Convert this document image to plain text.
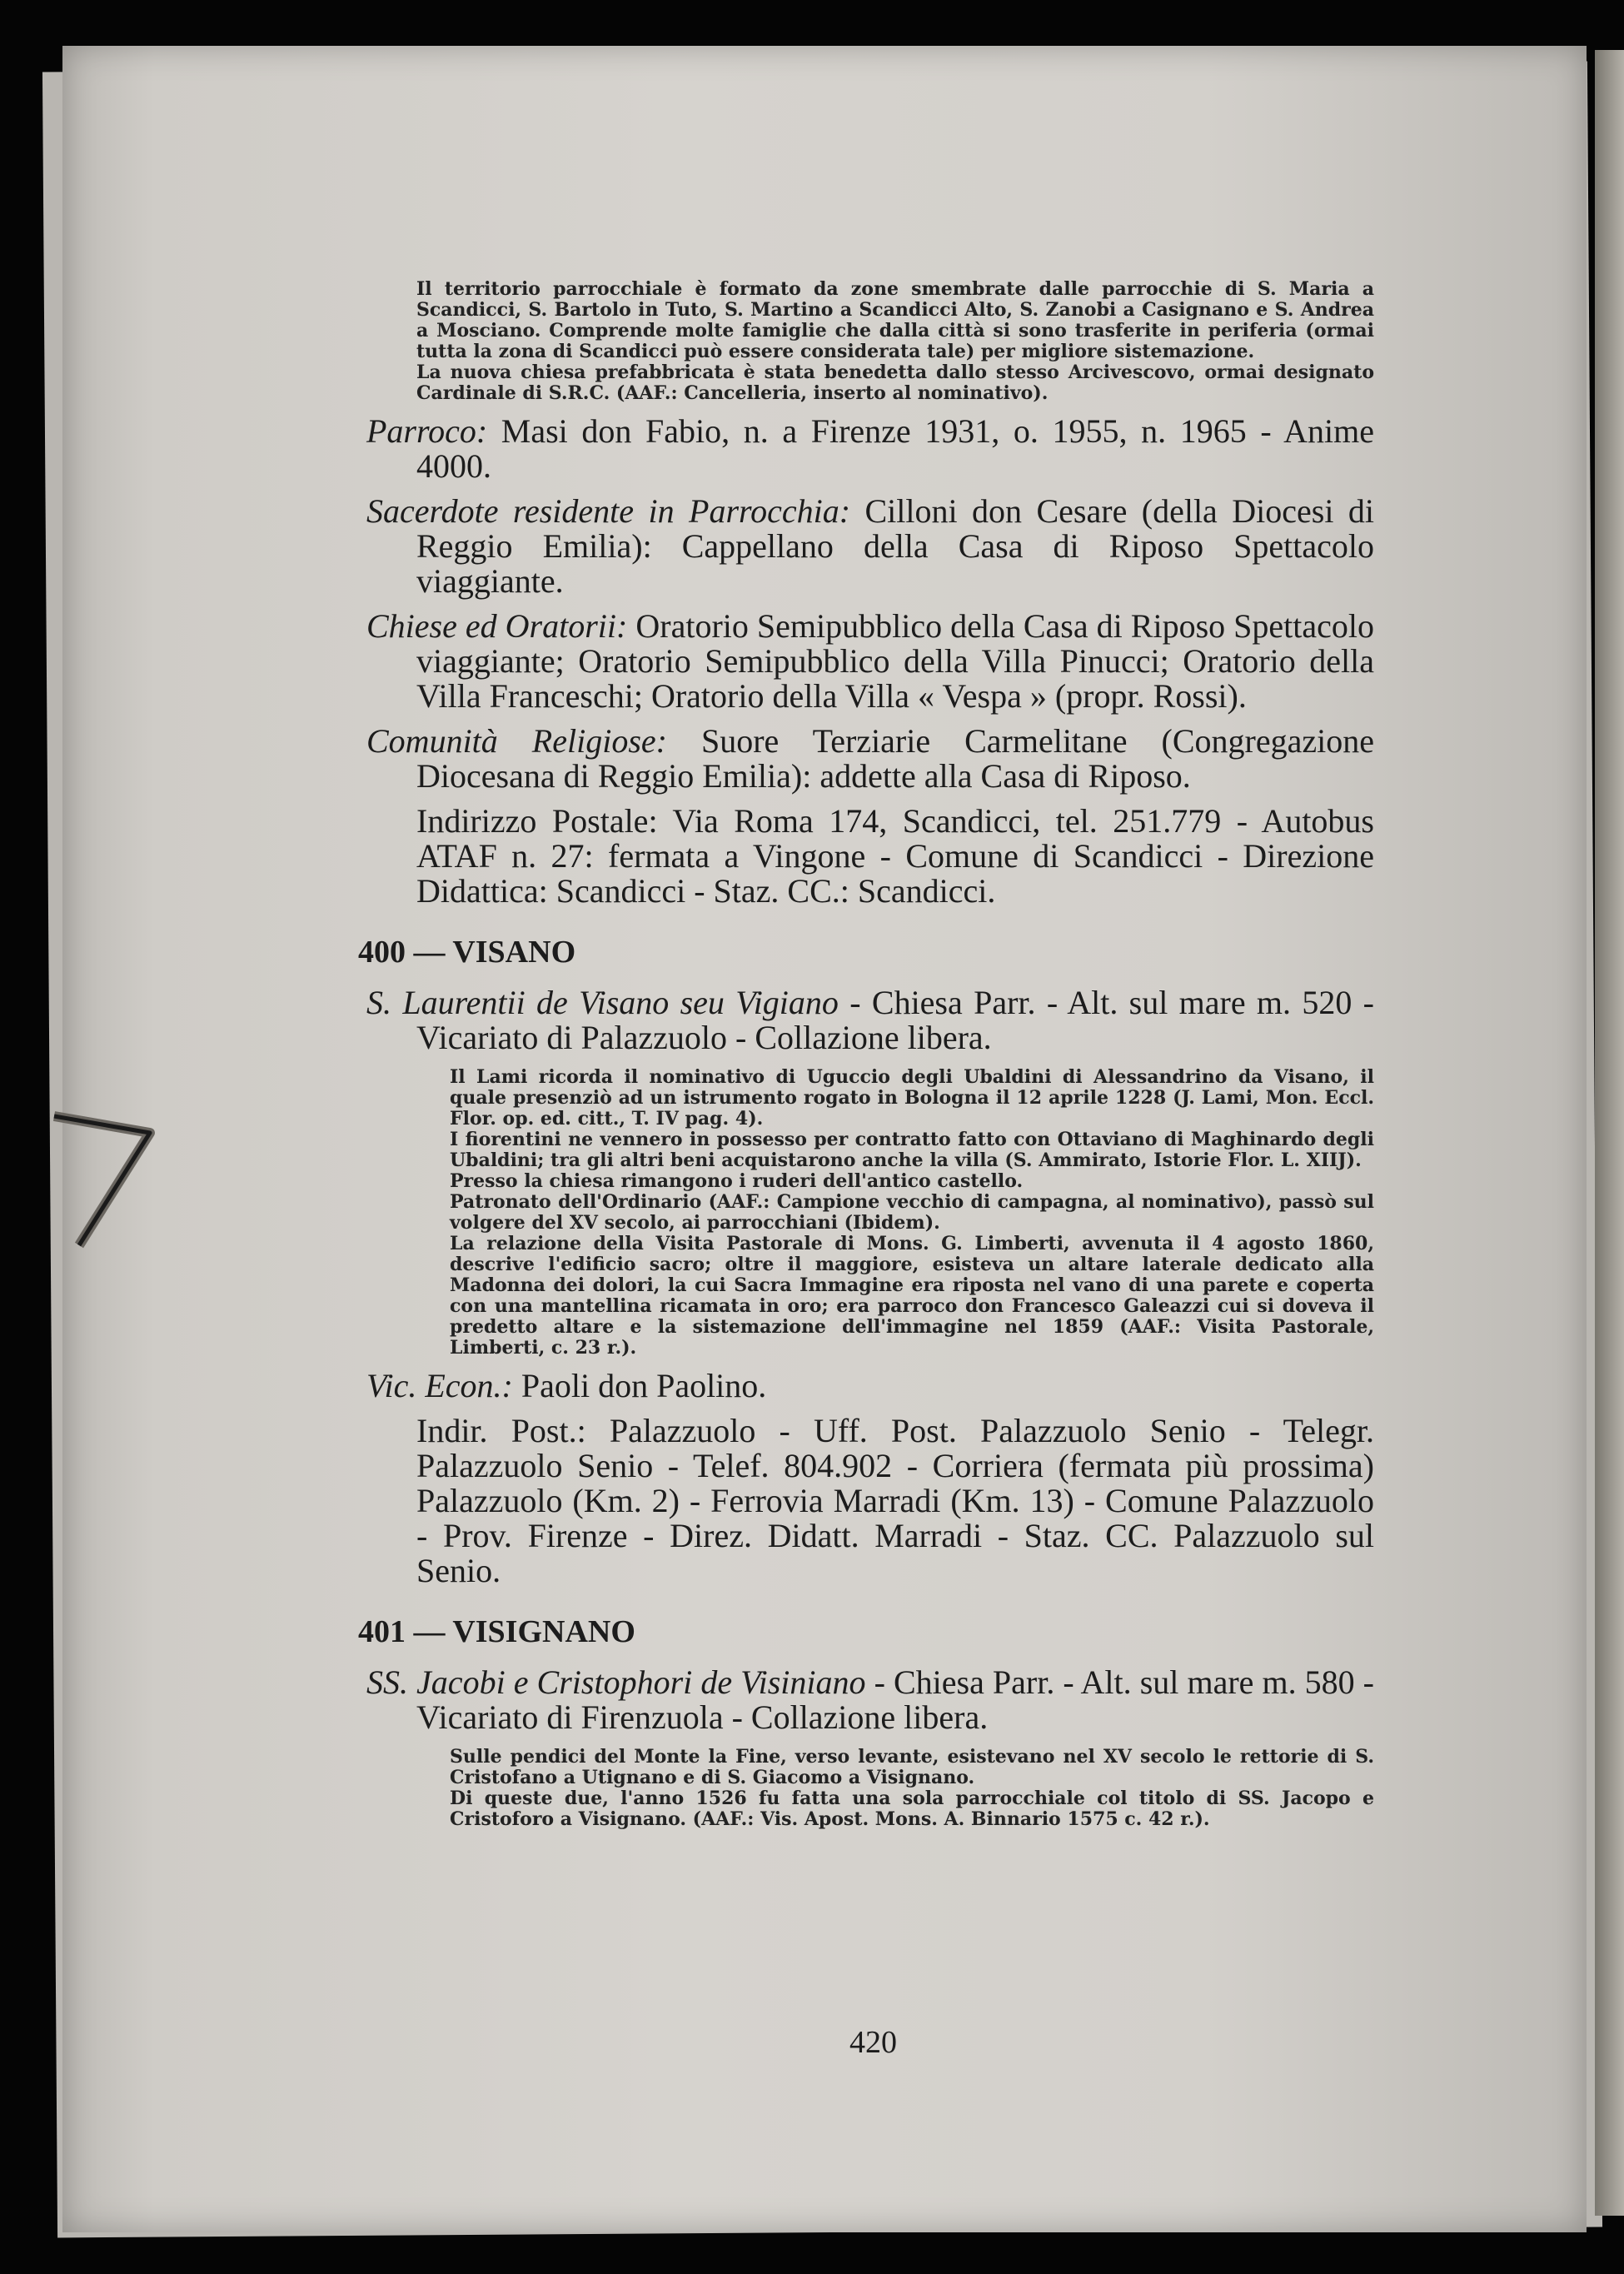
Il territorio parrocchiale è formato da zone smembrate dalle parrocchie di S. Maria a Scandicci, S. Bartolo in Tuto, S. Martino a Scandicci Alto, S. Zanobi a Casignano e S. Andrea a Mosciano. Comprende molte famiglie che dalla città si sono trasferite in periferia (ormai tutta la zona di Scandicci può essere considerata tale) per migliore sistemazione.

La nuova chiesa prefabbricata è stata benedetta dallo stesso Arcivescovo, ormai designato Cardinale di S.R.C. (AAF.: Cancelleria, inserto al nominativo).

Parroco: Masi don Fabio, n. a Firenze 1931, o. 1955, n. 1965 - Anime 4000.

Sacerdote residente in Parrocchia: Cilloni don Cesare (della Diocesi di Reggio Emilia): Cappellano della Casa di Riposo Spettacolo viaggiante.

Chiese ed Oratorii: Oratorio Semipubblico della Casa di Riposo Spettacolo viaggiante; Oratorio Semipubblico della Villa Pinucci; Oratorio della Villa Franceschi; Oratorio della Villa « Vespa » (propr. Rossi).

Comunità Religiose: Suore Terziarie Carmelitane (Congregazione Diocesana di Reggio Emilia): addette alla Casa di Riposo.

Indirizzo Postale: Via Roma 174, Scandicci, tel. 251.779 - Autobus ATAF n. 27: fermata a Vingone - Comune di Scandicci - Direzione Didattica: Scandicci - Staz. CC.: Scandicci.

400 — VISANO

S. Laurentii de Visano seu Vigiano - Chiesa Parr. - Alt. sul mare m. 520 - Vicariato di Palazzuolo - Collazione libera.

Il Lami ricorda il nominativo di Uguccio degli Ubaldini di Alessandrino da Visano, il quale presenziò ad un istrumento rogato in Bologna il 12 aprile 1228 (J. Lami, Mon. Eccl. Flor. op. ed. citt., T. IV pag. 4).

I fiorentini ne vennero in possesso per contratto fatto con Ottaviano di Maghinardo degli Ubaldini; tra gli altri beni acquistarono anche la villa (S. Ammirato, Istorie Flor. L. XIIJ).

Presso la chiesa rimangono i ruderi dell'antico castello.

Patronato dell'Ordinario (AAF.: Campione vecchio di campagna, al nominativo), passò sul volgere del XV secolo, ai parrocchiani (Ibidem).

La relazione della Visita Pastorale di Mons. G. Limberti, avvenuta il 4 agosto 1860, descrive l'edificio sacro; oltre il maggiore, esisteva un altare laterale dedicato alla Madonna dei dolori, la cui Sacra Immagine era riposta nel vano di una parete e coperta con una mantellina ricamata in oro; era parroco don Francesco Galeazzi cui si doveva il predetto altare e la sistemazione dell'immagine nel 1859 (AAF.: Visita Pastorale, Limberti, c. 23 r.).

Vic. Econ.: Paoli don Paolino.

Indir. Post.: Palazzuolo - Uff. Post. Palazzuolo Senio - Telegr. Palazzuolo Senio - Telef. 804.902 - Corriera (fermata più prossima) Palazzuolo (Km. 2) - Ferrovia Marradi (Km. 13) - Comune Palazzuolo - Prov. Firenze - Direz. Didatt. Marradi - Staz. CC. Palazzuolo sul Senio.

401 — VISIGNANO

SS. Jacobi e Cristophori de Visiniano - Chiesa Parr. - Alt. sul mare m. 580 - Vicariato di Firenzuola - Collazione libera.

Sulle pendici del Monte la Fine, verso levante, esistevano nel XV secolo le rettorie di S. Cristofano a Utignano e di S. Giacomo a Visignano.

Di queste due, l'anno 1526 fu fatta una sola parrocchiale col titolo di SS. Jacopo e Cristoforo a Visignano. (AAF.: Vis. Apost. Mons. A. Binnario 1575 c. 42 r.).

420
